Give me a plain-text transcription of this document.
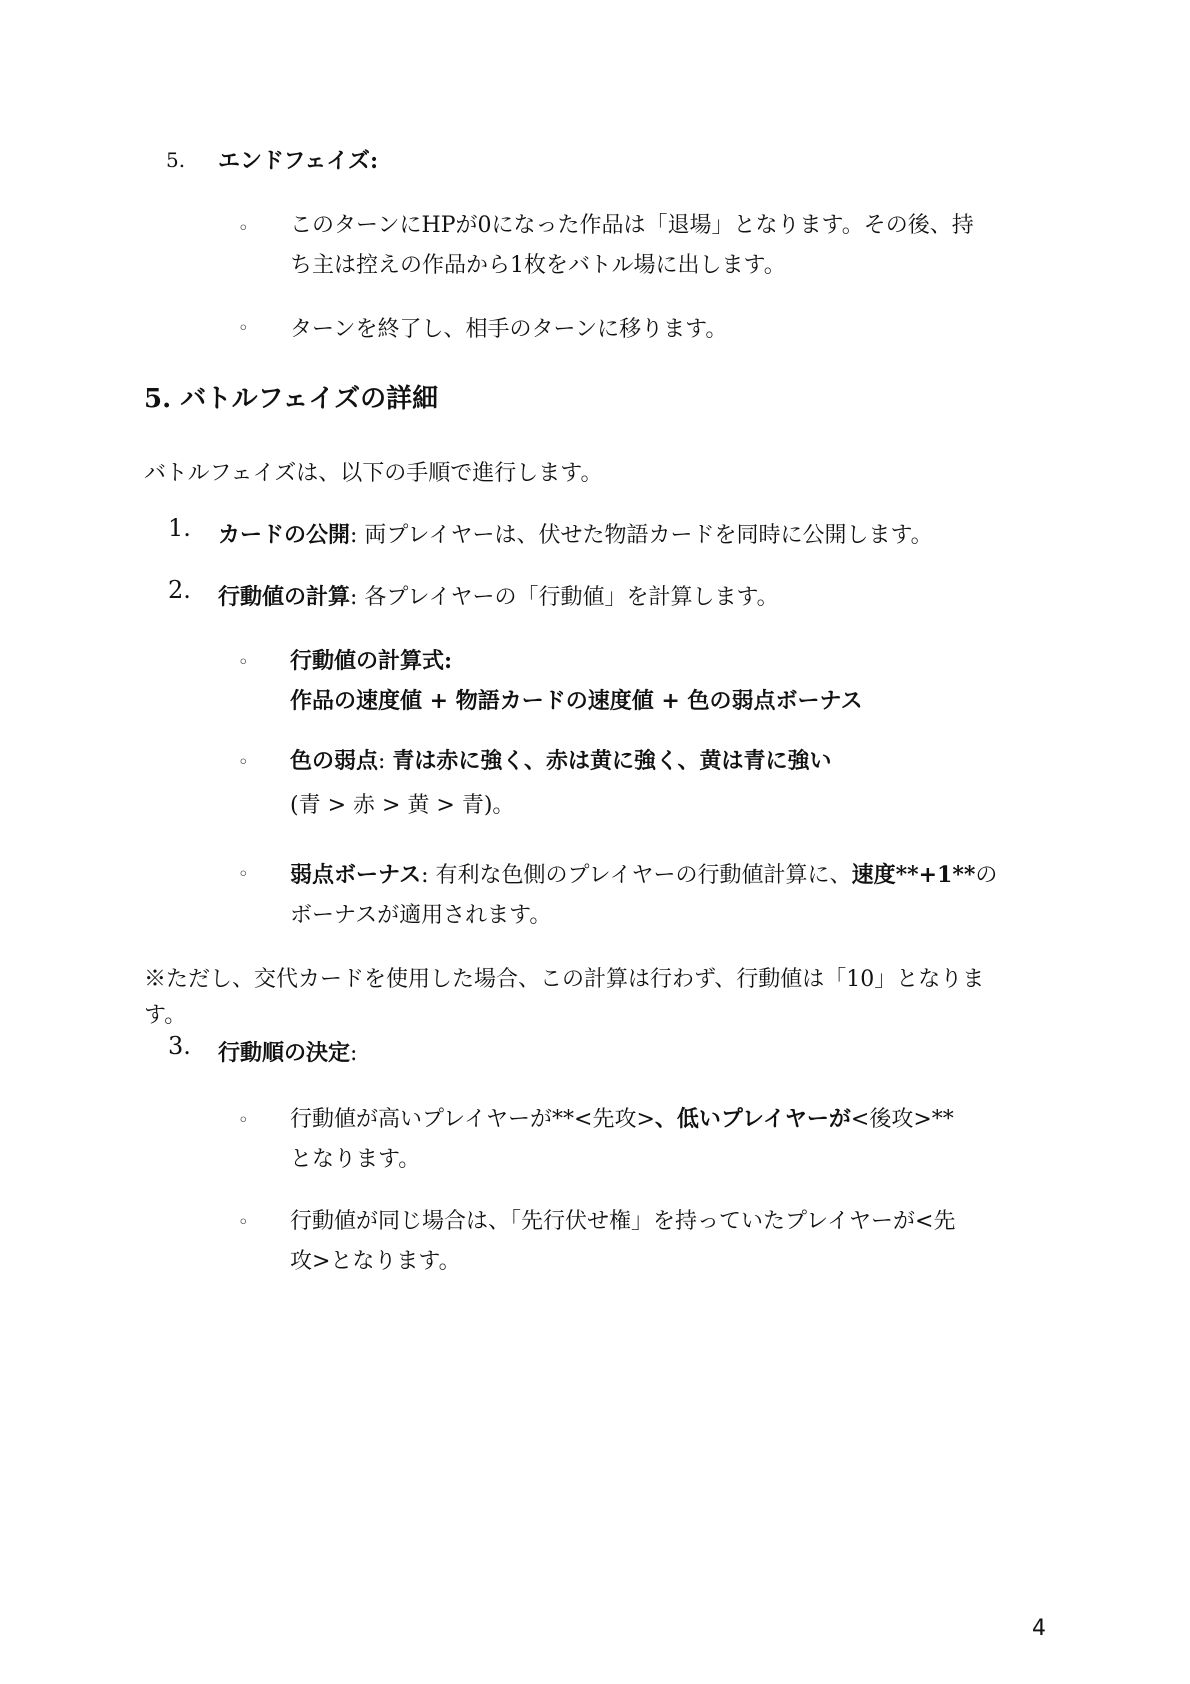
5. エンドフェイズ:
◦ このターンにHPが0になった作品は「退場」となります。その後、持
ち主は控えの作品から1枚をバトル場に出します。
◦ ターンを終了し、相手のターンに移ります。
5. バトルフェイズの詳細
バトルフェイズは、以下の手順で進行します。
1. カードの公開: 両プレイヤーは、伏せた物語カードを同時に公開します。
2. 行動値の計算: 各プレイヤーの「行動値」を計算します。
◦ 行動値の計算式:
作品の速度値 + 物語カードの速度値 + 色の弱点ボーナス
◦ 色の弱点: 青は赤に強く、赤は黄に強く、黄は青に強い
(青 > 赤 > 黄 > 青)。
◦ 弱点ボーナス: 有利な色側のプレイヤーの行動値計算に、速度**+1**の
ボーナスが適用されます。
※ただし、交代カードを使用した場合、この計算は行わず、行動値は「10」となりま
す。
3. 行動順の決定:
◦ 行動値が高いプレイヤーが**<先攻>、低いプレイヤーが<後攻>**
となります。
◦ 行動値が同じ場合は、「先行伏せ権」を持っていたプレイヤーが<先
攻>となります。
4
